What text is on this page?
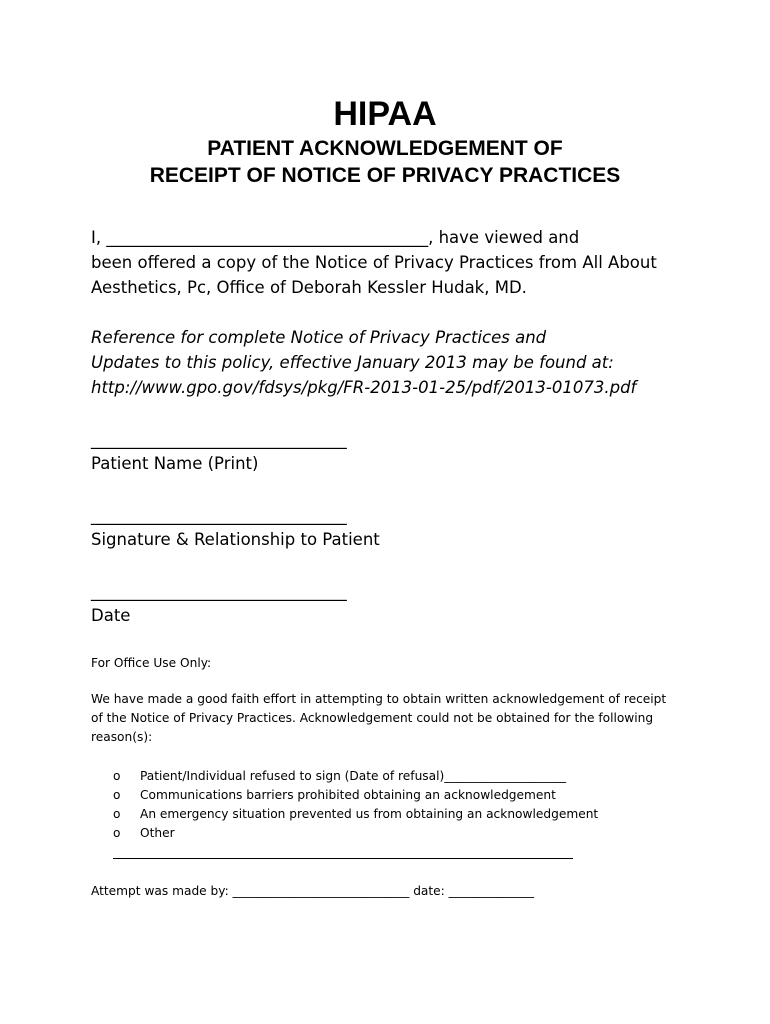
HIPAA
PATIENT ACKNOWLEDGEMENT OF
RECEIPT OF NOTICE OF PRIVACY PRACTICES
I, _______________________________________, have viewed and
been offered a copy of the Notice of Privacy Practices from All About
Aesthetics, Pc, Office of Deborah Kessler Hudak, MD.
Reference for complete Notice of Privacy Practices and
Updates to this policy, effective January 2013 may be found at:
http://www.gpo.gov/fdsys/pkg/FR-2013-01-25/pdf/2013-01073.pdf
_______________________________
Patient Name (Print)
_______________________________
Signature & Relationship to Patient
_______________________________
Date
For Office Use Only:
We have made a good faith effort in attempting to obtain written acknowledgement of receipt
of the Notice of Privacy Practices. Acknowledgement could not be obtained for the following
reason(s):
o	Patient/Individual refused to sign (Date of refusal)____________________
o	Communications barriers prohibited obtaining an acknowledgement
o	An emergency situation prevented us from obtaining an acknowledgement
o	Other
Attempt was made by: _____________________________ date: ______________
